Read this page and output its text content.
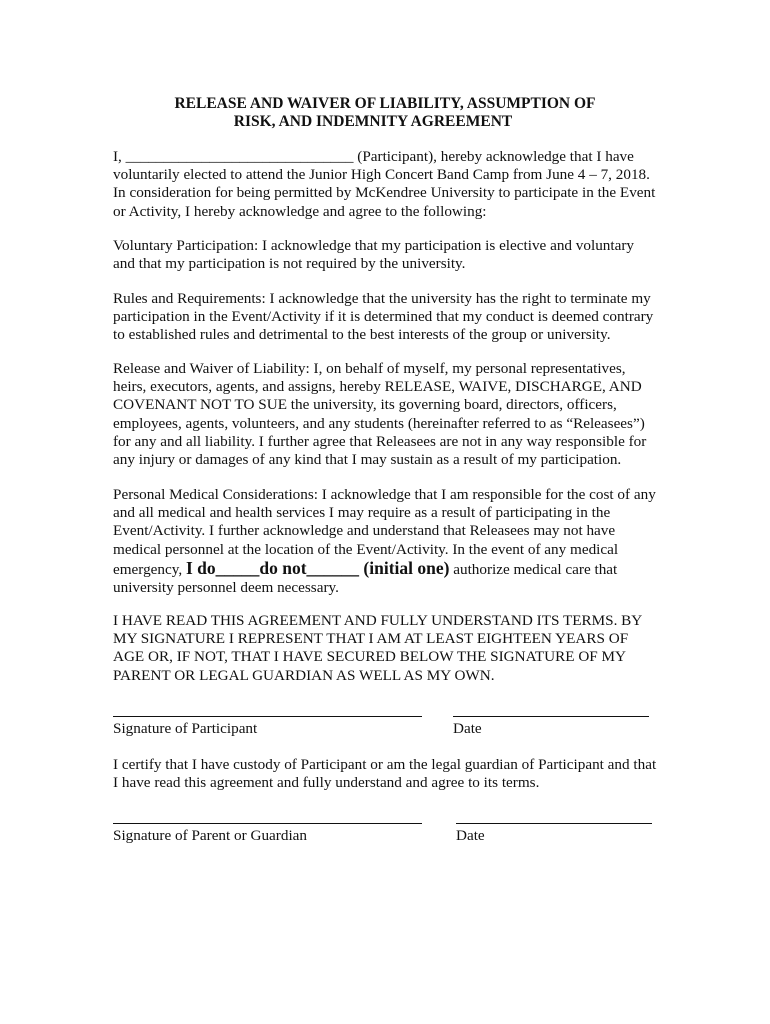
RELEASE AND WAIVER OF LIABILITY, ASSUMPTION OF
RISK, AND INDEMNITY AGREEMENT
I, ______________________________ (Participant), hereby acknowledge that I have
voluntarily elected to attend the Junior High Concert Band Camp from June 4 – 7, 2018.
In consideration for being permitted by McKendree University to participate in the Event
or Activity, I hereby acknowledge and agree to the following:
Voluntary Participation: I acknowledge that my participation is elective and voluntary
and that my participation is not required by the university.
Rules and Requirements: I acknowledge that the university has the right to terminate my
participation in the Event/Activity if it is determined that my conduct is deemed contrary
to established rules and detrimental to the best interests of the group or university.
Release and Waiver of Liability: I, on behalf of myself, my personal representatives,
heirs, executors, agents, and assigns, hereby RELEASE, WAIVE, DISCHARGE, AND
COVENANT NOT TO SUE the university, its governing board, directors, officers,
employees, agents, volunteers, and any students (hereinafter referred to as “Releasees”)
for any and all liability. I further agree that Releasees are not in any way responsible for
any injury or damages of any kind that I may sustain as a result of my participation.
Personal Medical Considerations: I acknowledge that I am responsible for the cost of any
and all medical and health services I may require as a result of participating in the
Event/Activity. I further acknowledge and understand that Releasees may not have
medical personnel at the location of the Event/Activity. In the event of any medical
emergency, I do_____do not______ (initial one) authorize medical care that
university personnel deem necessary.
I HAVE READ THIS AGREEMENT AND FULLY UNDERSTAND ITS TERMS. BY
MY SIGNATURE I REPRESENT THAT I AM AT LEAST EIGHTEEN YEARS OF
AGE OR, IF NOT, THAT I HAVE SECURED BELOW THE SIGNATURE OF MY
PARENT OR LEGAL GUARDIAN AS WELL AS MY OWN.
Signature of Participant	Date
I certify that I have custody of Participant or am the legal guardian of Participant and that
I have read this agreement and fully understand and agree to its terms.
Signature of Parent or Guardian	Date
